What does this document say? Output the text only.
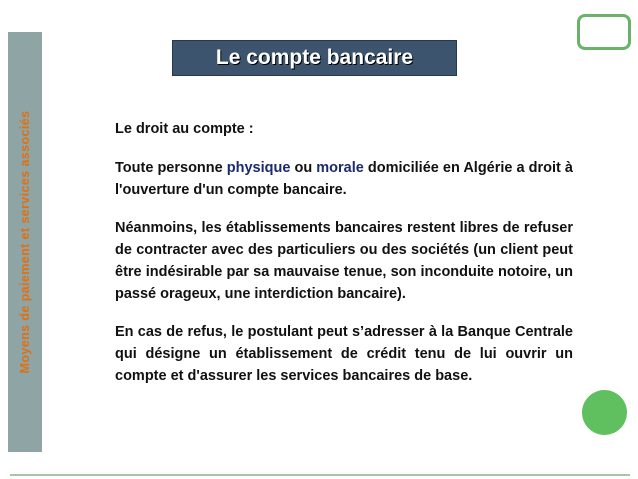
Moyens de paiement et services associés
Le compte bancaire

Le droit au compte :

Toute personne physique ou morale domiciliée en Algérie a droit à l'ouverture d'un compte bancaire.

Néanmoins, les établissements bancaires restent libres de refuser de contracter avec des particuliers ou des sociétés (un client peut être indésirable par sa mauvaise tenue, son inconduite notoire, un passé orageux, une interdiction bancaire).

En cas de refus, le postulant peut s’adresser à la Banque Centrale qui désigne un établissement de crédit tenu de lui ouvrir un compte et d'assurer les services bancaires de base.
